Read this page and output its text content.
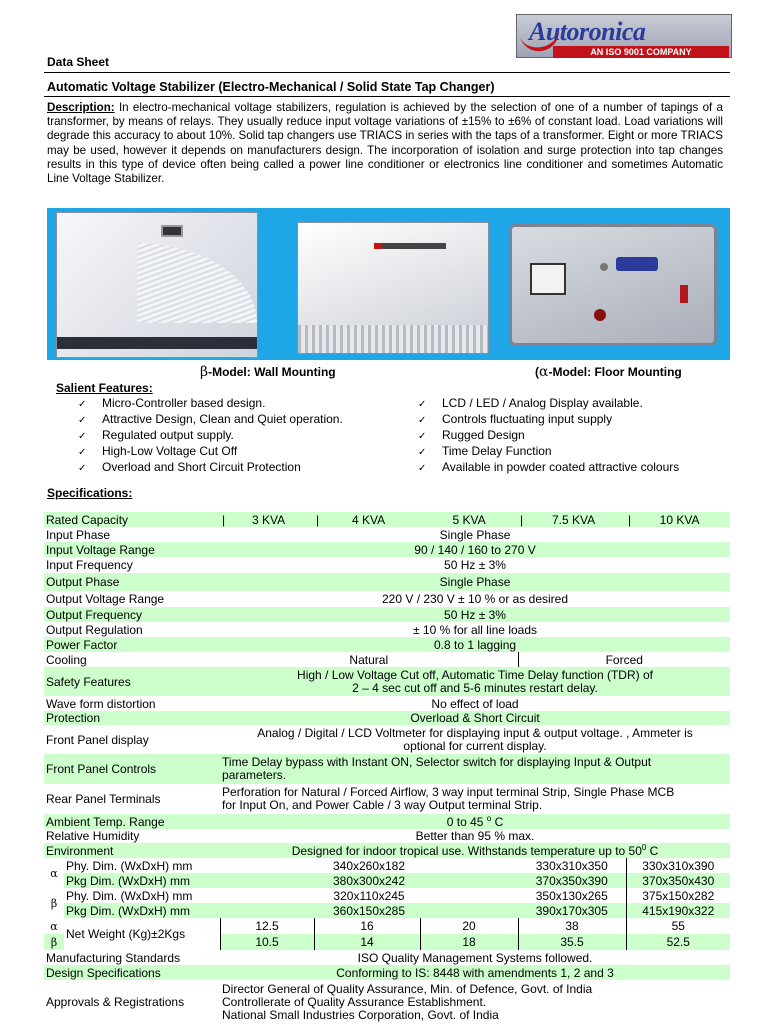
Autoronica
AN ISO 9001 COMPANY
Data Sheet
Automatic Voltage Stabilizer (Electro-Mechanical / Solid State Tap Changer)

Description: In electro-mechanical voltage stabilizers, regulation is achieved by the selection of one of a number of tapings of a transformer, by means of relays. They usually reduce input voltage variations of ±15% to ±6% of constant load. Load variations will degrade this accuracy to about 10%. Solid tap changers use TRIACS in series with the taps of a transformer. Eight or more TRIACS may be used, however it depends on manufacturers design. The incorporation of isolation and surge protection into tap changes results in this type of device often being called a power line conditioner or electronics line conditioner and sometimes Automatic Line Voltage Stabilizer.

β-Model: Wall Mounting	(α-Model: Floor Mounting
Salient Features:
✓ Micro-Controller based design.
✓ Attractive Design, Clean and Quiet operation.
✓ Regulated output supply.
✓ High-Low Voltage Cut Off
✓ Overload and Short Circuit Protection
✓ LCD / LED / Analog Display available.
✓ Controls fluctuating input supply
✓ Rugged Design
✓ Time Delay Function
✓ Available in powder coated attractive colours
Specifications:
Rated Capacity		| 3 KVA	| 4 KVA	5 KVA	| 7.5 KVA	| 10 KVA
Input Phase		Single Phase				
Input Voltage Range		90 / 140 / 160 to 270 V				
Input Frequency		50 Hz ± 3%				
Output Phase		Single Phase				
Output Voltage Range		220 V / 230 V ± 10 % or as desired				
Output Frequency		50 Hz ± 3%				
Output Regulation		± 10 % for all line loads				
Power Factor		0.8 to 1 lagging				
Cooling		Natural			Forced	
Safety Features		High / Low Voltage Cut off, Automatic Time Delay function (TDR) of
2 – 4 sec cut off and 5-6 minutes restart delay.				
Wave form distortion		No effect of load				
Protection		Overload & Short Circuit				
Front Panel display		Analog / Digital / LCD Voltmeter for displaying input & output voltage. , Ammeter is
optional for current display.				
Front Panel Controls		Time Delay bypass with Instant ON, Selector switch for displaying Input & Output
parameters.				
Rear Panel Terminals		Perforation for Natural / Forced Airflow, 3 way input terminal Strip, Single Phase MCB
for Input On, and Power Cable / 3 way Output terminal Strip.				
Ambient Temp. Range		0 to 45 $^o$ C				
Relative Humidity		Better than 95 % max.				
Environment		Designed for indoor tropical use. Withstands temperature up to $50^0$ C				
α	Phy. Dim. (WxDxH) mm	340x260x182			330x310x350	330x310x390
	Pkg Dim. (WxDxH) mm	380x300x242			370x350x390	370x350x430
β	Phy. Dim. (WxDxH) mm	320x110x245			350x130x265	375x150x282
	Pkg Dim. (WxDxH) mm	360x150x285			390x170x305	415x190x322
α	Net Weight (Kg)±2Kgs	12.5	16	20	38	55
β		10.5	14	18	35.5	52.5
Manufacturing Standards		ISO Quality Management Systems followed.				
Design Specifications		Conforming to IS: 8448 with amendments 1, 2 and 3				
Approvals & Registrations		Director General of Quality Assurance, Min. of Defence, Govt. of India
Controllerate of Quality Assurance Establishment.
National Small Industries Corporation, Govt. of India				
